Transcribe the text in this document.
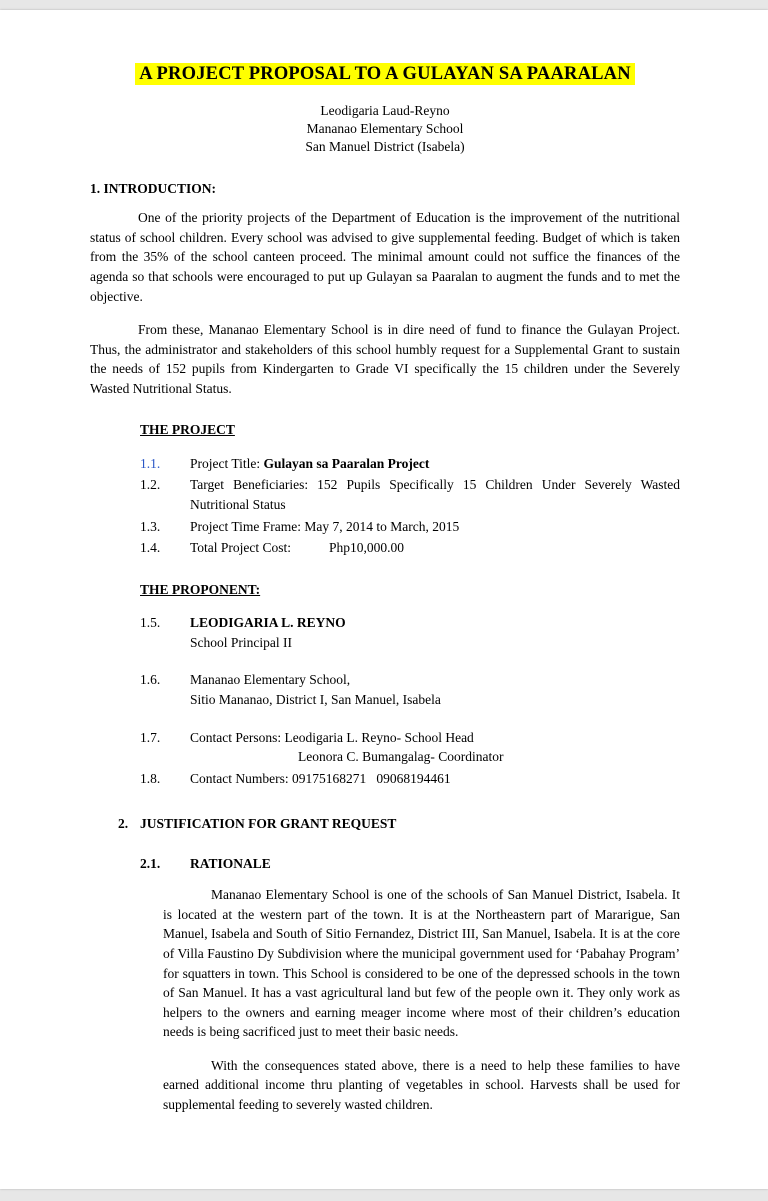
A PROJECT PROPOSAL TO A GULAYAN SA PAARALAN
Leodigaria Laud-Reyno
Mananao Elementary School
San Manuel District (Isabela)
1. INTRODUCTION:

One of the priority projects of the Department of Education is the improvement of the nutritional status of school children. Every school was advised to give supplemental feeding. Budget of which is taken from the 35% of the school canteen proceed. The minimal amount could not suffice the finances of the agenda so that schools were encouraged to put up Gulayan sa Paaralan to augment the funds and to met the objective.

From these, Mananao Elementary School is in dire need of fund to finance the Gulayan Project. Thus, the administrator and stakeholders of this school humbly request for a Supplemental Grant to sustain the needs of 152 pupils from Kindergarten to Grade VI specifically the 15 children under the Severely Wasted Nutritional Status.

THE PROJECT
1.1.	Project Title: Gulayan sa Paaralan Project
1.2.	Target Beneficiaries: 152 Pupils Specifically 15 Children Under Severely Wasted Nutritional Status
1.3.	Project Time Frame: May 7, 2014 to March, 2015
1.4.	Total Project Cost:	Php10,000.00
THE PROPONENT:
1.5.	LEODIGARIA L. REYNO
School Principal II
1.6.	Mananao Elementary School,
Sitio Mananao, District I, San Manuel, Isabela
1.7.	Contact Persons: Leodigaria L. Reyno- School Head
Leonora C. Bumangalag- Coordinator
1.8.	Contact Numbers: 09175168271   09068194461
2. JUSTIFICATION FOR GRANT REQUEST
2.1.	RATIONALE

Mananao Elementary School is one of the schools of San Manuel District, Isabela. It is located at the western part of the town. It is at the Northeastern part of Mararigue, San Manuel, Isabela and South of Sitio Fernandez, District III, San Manuel, Isabela. It is at the core of Villa Faustino Dy Subdivision where the municipal government used for ‘Pabahay Program’ for squatters in town. This School is considered to be one of the depressed schools in the town of San Manuel. It has a vast agricultural land but few of the people own it. They only work as helpers to the owners and earning meager income where most of their children’s education needs is being sacrificed just to meet their basic needs.

With the consequences stated above, there is a need to help these families to have earned additional income thru planting of vegetables in school. Harvests shall be used for supplemental feeding to severely wasted children.
